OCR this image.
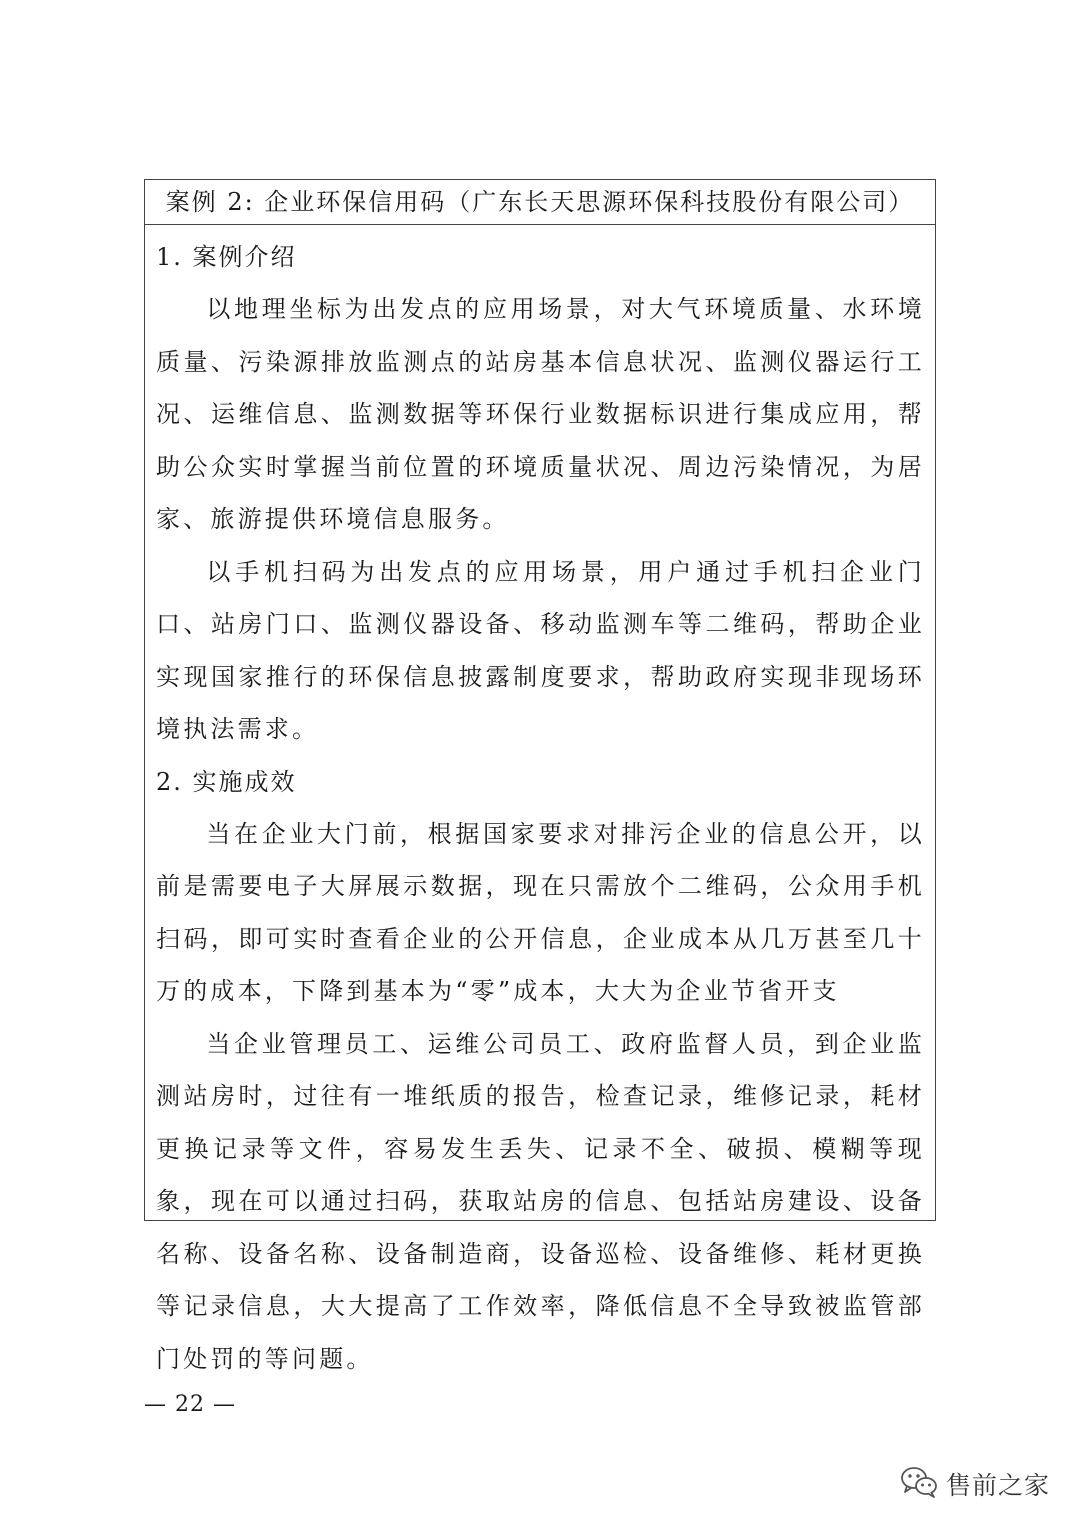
案例 2: 企业环保信用码（广东长天思源环保科技股份有限公司）

1. 案例介绍

以地理坐标为出发点的应用场景，对大气环境质量、水环境质量、污染源排放监测点的站房基本信息状况、监测仪器运行工况、运维信息、监测数据等环保行业数据标识进行集成应用，帮助公众实时掌握当前位置的环境质量状况、周边污染情况，为居家、旅游提供环境信息服务。

以手机扫码为出发点的应用场景，用户通过手机扫企业门口、站房门口、监测仪器设备、移动监测车等二维码，帮助企业实现国家推行的环保信息披露制度要求，帮助政府实现非现场环境执法需求。

2. 实施成效

当在企业大门前，根据国家要求对排污企业的信息公开，以前是需要电子大屏展示数据，现在只需放个二维码，公众用手机扫码，即可实时查看企业的公开信息，企业成本从几万甚至几十万的成本，下降到基本为“零”成本，大大为企业节省开支

当企业管理员工、运维公司员工、政府监督人员，到企业监测站房时，过往有一堆纸质的报告，检查记录，维修记录，耗材更换记录等文件，容易发生丢失、记录不全、破损、模糊等现象，现在可以通过扫码，获取站房的信息、包括站房建设、设备名称、设备名称、设备制造商，设备巡检、设备维修、耗材更换等记录信息，大大提高了工作效率，降低信息不全导致被监管部门处罚的等问题。

— 22 —
售前之家
